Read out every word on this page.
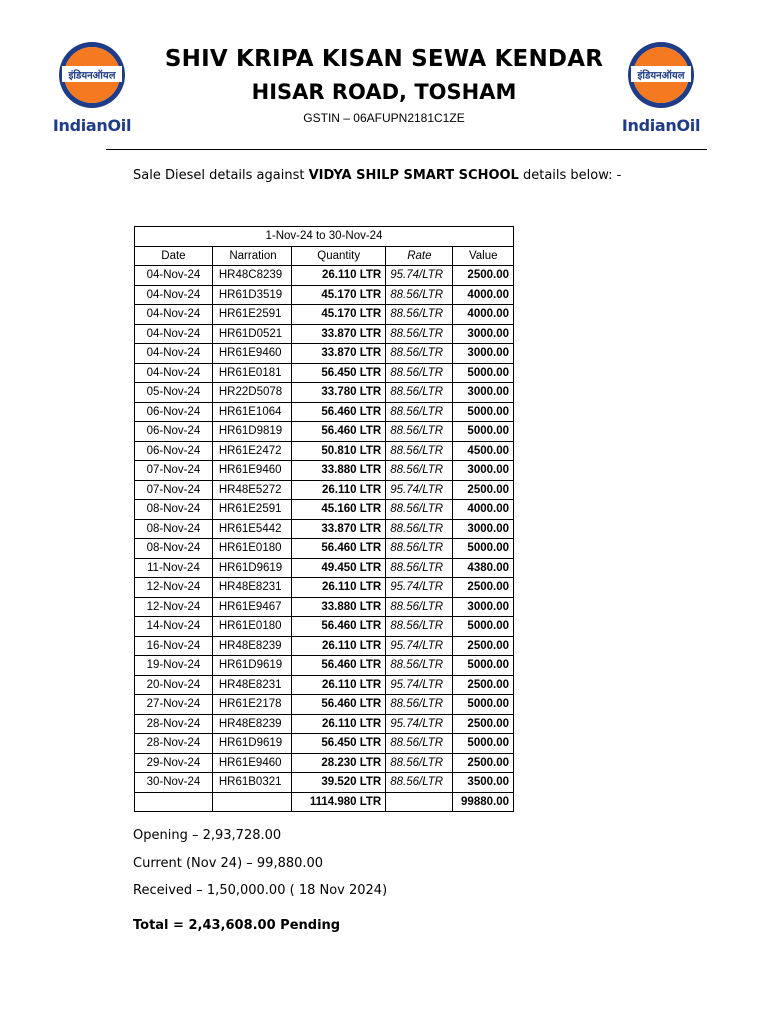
इंडियनऑयल
IndianOil
इंडियनऑयल
IndianOil
SHIV KRIPA KISAN SEWA KENDAR
HISAR ROAD, TOSHAM
GSTIN – 06AFUPN2181C1ZE
Sale Diesel details against VIDYA SHILP SMART SCHOOL details below: -
1-Nov-24 to 30-Nov-24				
Date	Narration	Quantity	Rate	Value
04-Nov-24	HR48C8239	26.110 LTR	95.74/LTR	2500.00
04-Nov-24	HR61D3519	45.170 LTR	88.56/LTR	4000.00
04-Nov-24	HR61E2591	45.170 LTR	88.56/LTR	4000.00
04-Nov-24	HR61D0521	33.870 LTR	88.56/LTR	3000.00
04-Nov-24	HR61E9460	33.870 LTR	88.56/LTR	3000.00
04-Nov-24	HR61E0181	56.450 LTR	88.56/LTR	5000.00
05-Nov-24	HR22D5078	33.780 LTR	88.56/LTR	3000.00
06-Nov-24	HR61E1064	56.460 LTR	88.56/LTR	5000.00
06-Nov-24	HR61D9819	56.460 LTR	88.56/LTR	5000.00
06-Nov-24	HR61E2472	50.810 LTR	88.56/LTR	4500.00
07-Nov-24	HR61E9460	33.880 LTR	88.56/LTR	3000.00
07-Nov-24	HR48E5272	26.110 LTR	95.74/LTR	2500.00
08-Nov-24	HR61E2591	45.160 LTR	88.56/LTR	4000.00
08-Nov-24	HR61E5442	33.870 LTR	88.56/LTR	3000.00
08-Nov-24	HR61E0180	56.460 LTR	88.56/LTR	5000.00
11-Nov-24	HR61D9619	49.450 LTR	88.56/LTR	4380.00
12-Nov-24	HR48E8231	26.110 LTR	95.74/LTR	2500.00
12-Nov-24	HR61E9467	33.880 LTR	88.56/LTR	3000.00
14-Nov-24	HR61E0180	56.460 LTR	88.56/LTR	5000.00
16-Nov-24	HR48E8239	26.110 LTR	95.74/LTR	2500.00
19-Nov-24	HR61D9619	56.460 LTR	88.56/LTR	5000.00
20-Nov-24	HR48E8231	26.110 LTR	95.74/LTR	2500.00
27-Nov-24	HR61E2178	56.460 LTR	88.56/LTR	5000.00
28-Nov-24	HR48E8239	26.110 LTR	95.74/LTR	2500.00
28-Nov-24	HR61D9619	56.450 LTR	88.56/LTR	5000.00
29-Nov-24	HR61E9460	28.230 LTR	88.56/LTR	2500.00
30-Nov-24	HR61B0321	39.520 LTR	88.56/LTR	3500.00
		1114.980 LTR		99880.00
Opening – 2,93,728.00
Current (Nov 24) – 99,880.00
Received – 1,50,000.00 ( 18 Nov 2024)
Total = 2,43,608.00 Pending
